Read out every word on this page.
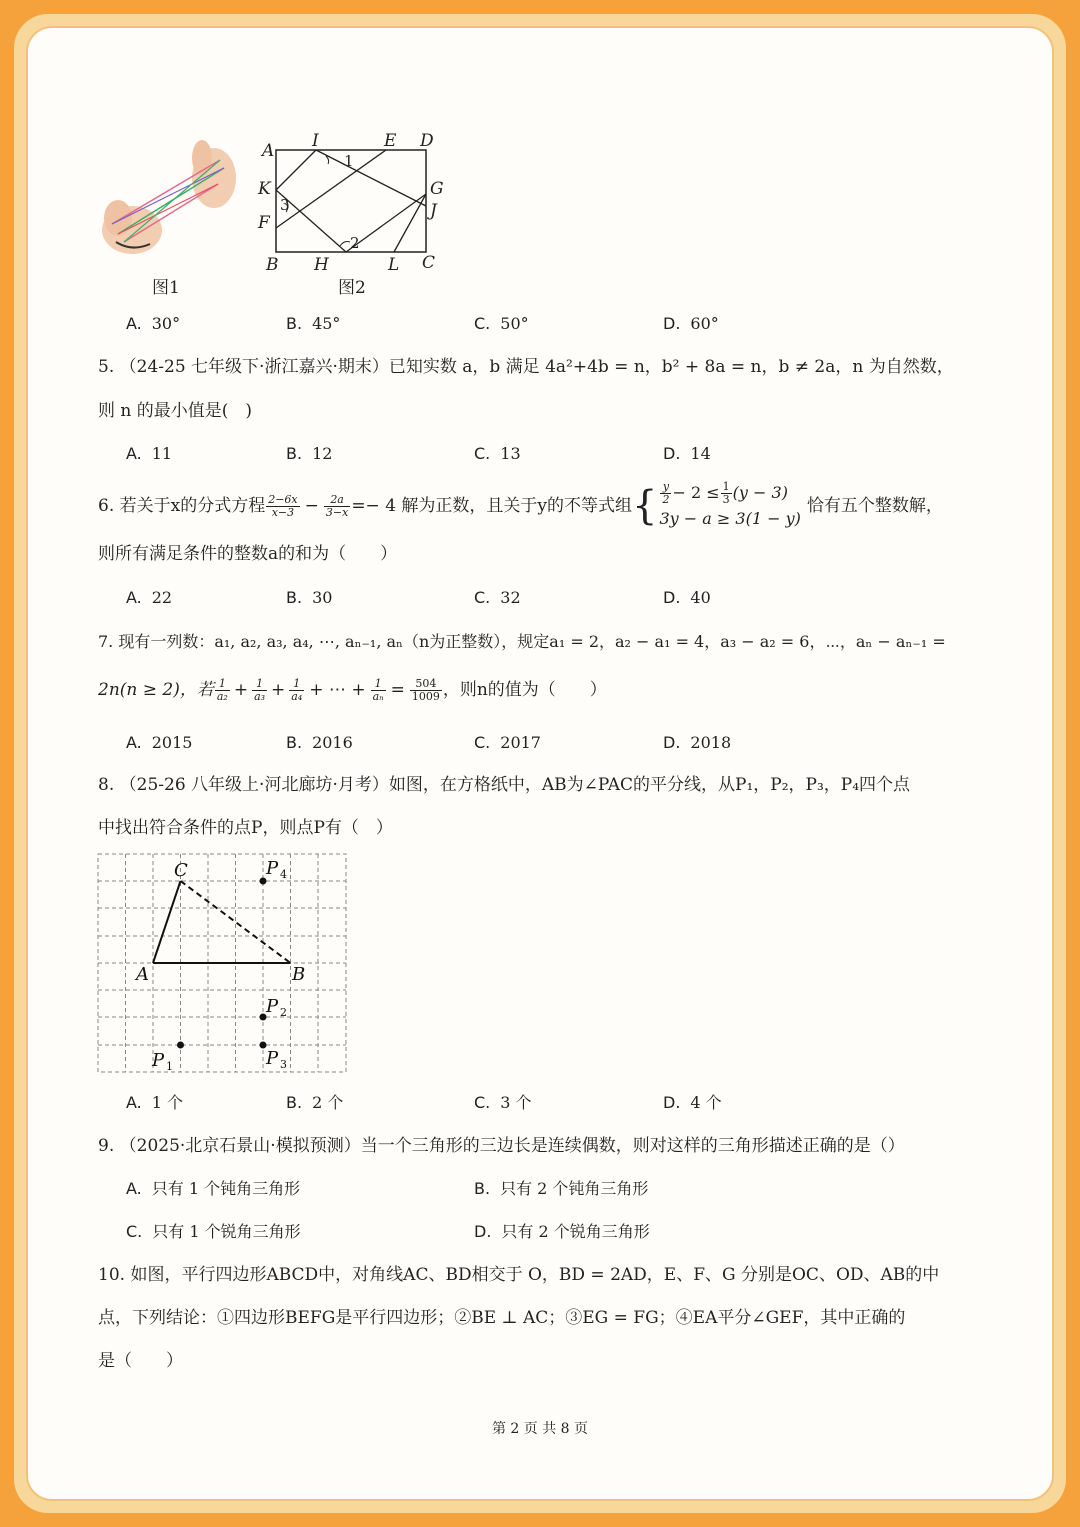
图1
A I	E D
K	G
J
F
B H	L C
1
2
3
图2
A. 30°	B. 45°	C. 50°	D. 60°
5. （24-25 七年级下·浙江嘉兴·期末）已知实数 a，b 满足 4a²+4b = n，b² + 8a = n，b ≠ 2a，n 为自然数，
则 n 的最小值是(　)
A. 11	B. 12	C. 13	D. 14
6. 若关于x的分式方程 $\frac{2-6x}{x-3} - \frac{2a}{3-x} =- 4$ 解为正数，且关于y的不等式组 { $\frac{y}{2} - 2 \le \frac{1}{3} (y - 3)$
3y − a ≥ 3(1 − y)
恰有五个整数解，
则所有满足条件的整数a的和为（　　）
A. 22	B. 30	C. 32	D. 40
7. 现有一列数：a₁, a₂, a₃, a₄, ⋯, aₙ₋₁, aₙ（n为正整数），规定a₁ = 2，a₂ − a₁ = 4，a₃ − a₂ = 6，⋯，aₙ − aₙ₋₁ =
2n(n ≥ 2)，若 $\frac{1}{\text{a₂}} + \frac{1}{\text{a₃}} + \frac{1}{\text{a₄}}$ + ⋯ + $\frac{1}{\text{aₙ}} = \frac{504}{1009}$ ，则n的值为（　　）
A. 2015	B. 2016	C. 2017	D. 2018
8. （25-26 八年级上·河北廊坊·月考）如图，在方格纸中，AB为∠PAC的平分线，从P₁，P₂，P₃，P₄四个点
中找出符合条件的点P，则点P有（　）
C
A	B
P
P
P
P
4
2
3
1
A. 1 个	B. 2 个	C. 3 个	D. 4 个
9. （2025·北京石景山·模拟预测）当一个三角形的三边长是连续偶数，则对这样的三角形描述正确的是（）
A. 只有 1 个钝角三角形	B. 只有 2 个钝角三角形
C. 只有 1 个锐角三角形	D. 只有 2 个锐角三角形
10. 如图，平行四边形ABCD中，对角线AC、BD相交于 O，BD = 2AD，E、F、G 分别是OC、OD、AB的中
点，下列结论：①四边形BEFG是平行四边形；②BE ⊥ AC；③EG = FG；④EA平分∠GEF，其中正确的
是（　　）
第 2 页 共 8 页
